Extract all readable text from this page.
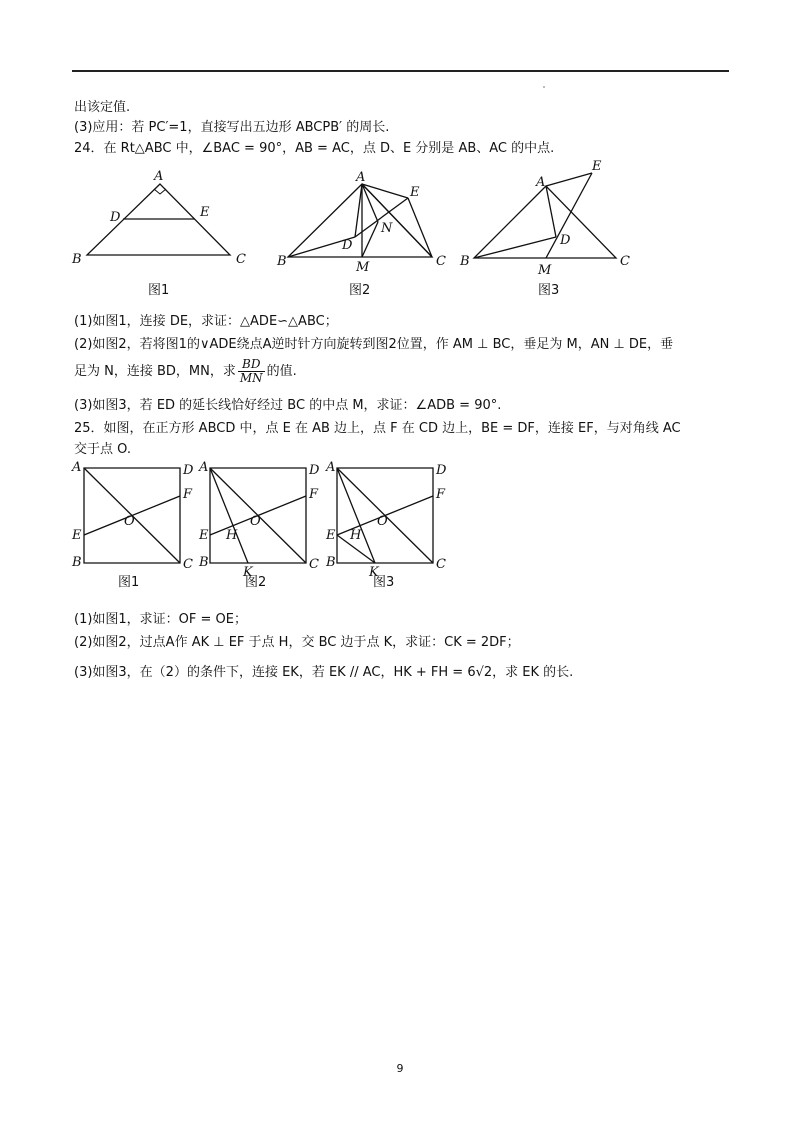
出该定值.
(3)应用：若 PC′=1，直接写出五边形 ABCPB′ 的周长.
24．在 Rt△ABC 中，∠BAC = 90°，AB = AC，点 D、E 分别是 AB、AC 的中点.
A
D	E
B	C
图1
A
E
N
D
B	M	C
图2
E
A
D
B
M
C
图3
(1)如图1，连接 DE，求证：△ADE∽△ABC；
(2)如图2，若将图1的∨ADE绕点A逆时针方向旋转到图2位置，作 AM ⊥ BC，垂足为 M，AN ⊥ DE，垂
足为 N，连接 BD，MN，求 $\frac{BD}{MN}$ 的值.
(3)如图3，若 ED 的延长线恰好经过 BC 的中点 M，求证：∠ADB = 90°.
25．如图，在正方形 ABCD 中，点 E 在 AB 边上，点 F 在 CD 边上，BE = DF，连接 EF，与对角线 AC
交于点 O.
A	D
F
O
E
B	C
图1
A	D
F
O
E H
B
K
C
图2
A	D
F
O
E H
B
K
C
图3
(1)如图1，求证：OF = OE；
(2)如图2，过点A作 AK ⊥ EF 于点 H，交 BC 边于点 K，求证：CK = 2DF；
(3)如图3，在（2）的条件下，连接 EK，若 EK // AC，HK + FH = 6√2，求 EK 的长.
9
